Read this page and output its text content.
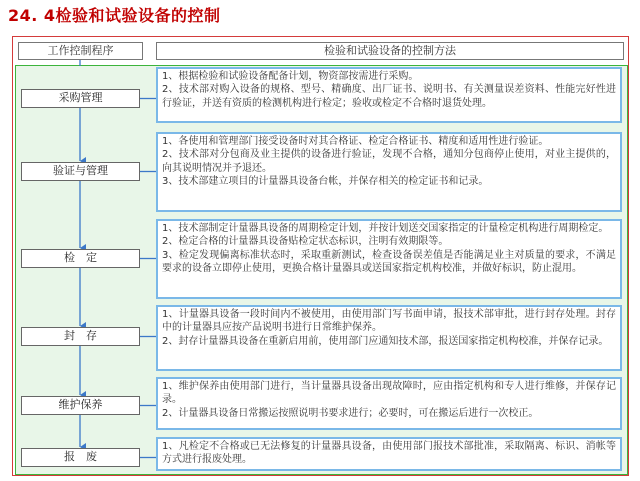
24. 4检验和试验设备的控制
工作控制程序	检验和试验设备的控制方法
采购管理
验证与管理
检　定
封　存
维护保养
报　废

1、根据检验和试验设备配备计划，物资部按需进行采购。

2、技术部对购入设备的规格、型号、精确度、出厂证书、说明书、有关测量误差资料、性能完好性进行验证，并送有资质的检测机构进行检定；验收或检定不合格时退货处理。

1、各使用和管理部门接受设备时对其合格证、检定合格证书、精度和适用性进行验证。

2、技术部对分包商及业主提供的设备进行验证，发现不合格，通知分包商停止使用，对业主提供的，向其说明情况并予退还。

3、技术部建立项目的计量器具设备台帐，并保存相关的检定证书和记录。

1、技术部制定计量器具设备的周期检定计划，并按计划送交国家指定的计量检定机构进行周期检定。

2、检定合格的计量器具设备贴检定状态标识，注明有效期限等。

3、检定发现偏离标准状态时，采取重新测试，检查设备误差值是否能满足业主对质量的要求，不满足要求的设备立即停止使用，更换合格计量器具或送国家指定机构校准，并做好标识，防止混用。

1、计量器具设备一段时间内不被使用，由使用部门写书面申请，报技术部审批，进行封存处理。封存中的计量器具应按产品说明书进行日常维护保养。

2、封存计量器具设备在重新启用前，使用部门应通知技术部，报送国家指定机构校准，并保存记录。

1、维护保养由使用部门进行，当计量器具设备出现故障时，应由指定机构和专人进行维修，并保存记录。

2、计量器具设备日常搬运按照说明书要求进行；必要时，可在搬运后进行一次校正。

1、凡检定不合格或已无法修复的计量器具设备，由使用部门报技术部批准，采取隔离、标识、消帐等方式进行报废处理。
